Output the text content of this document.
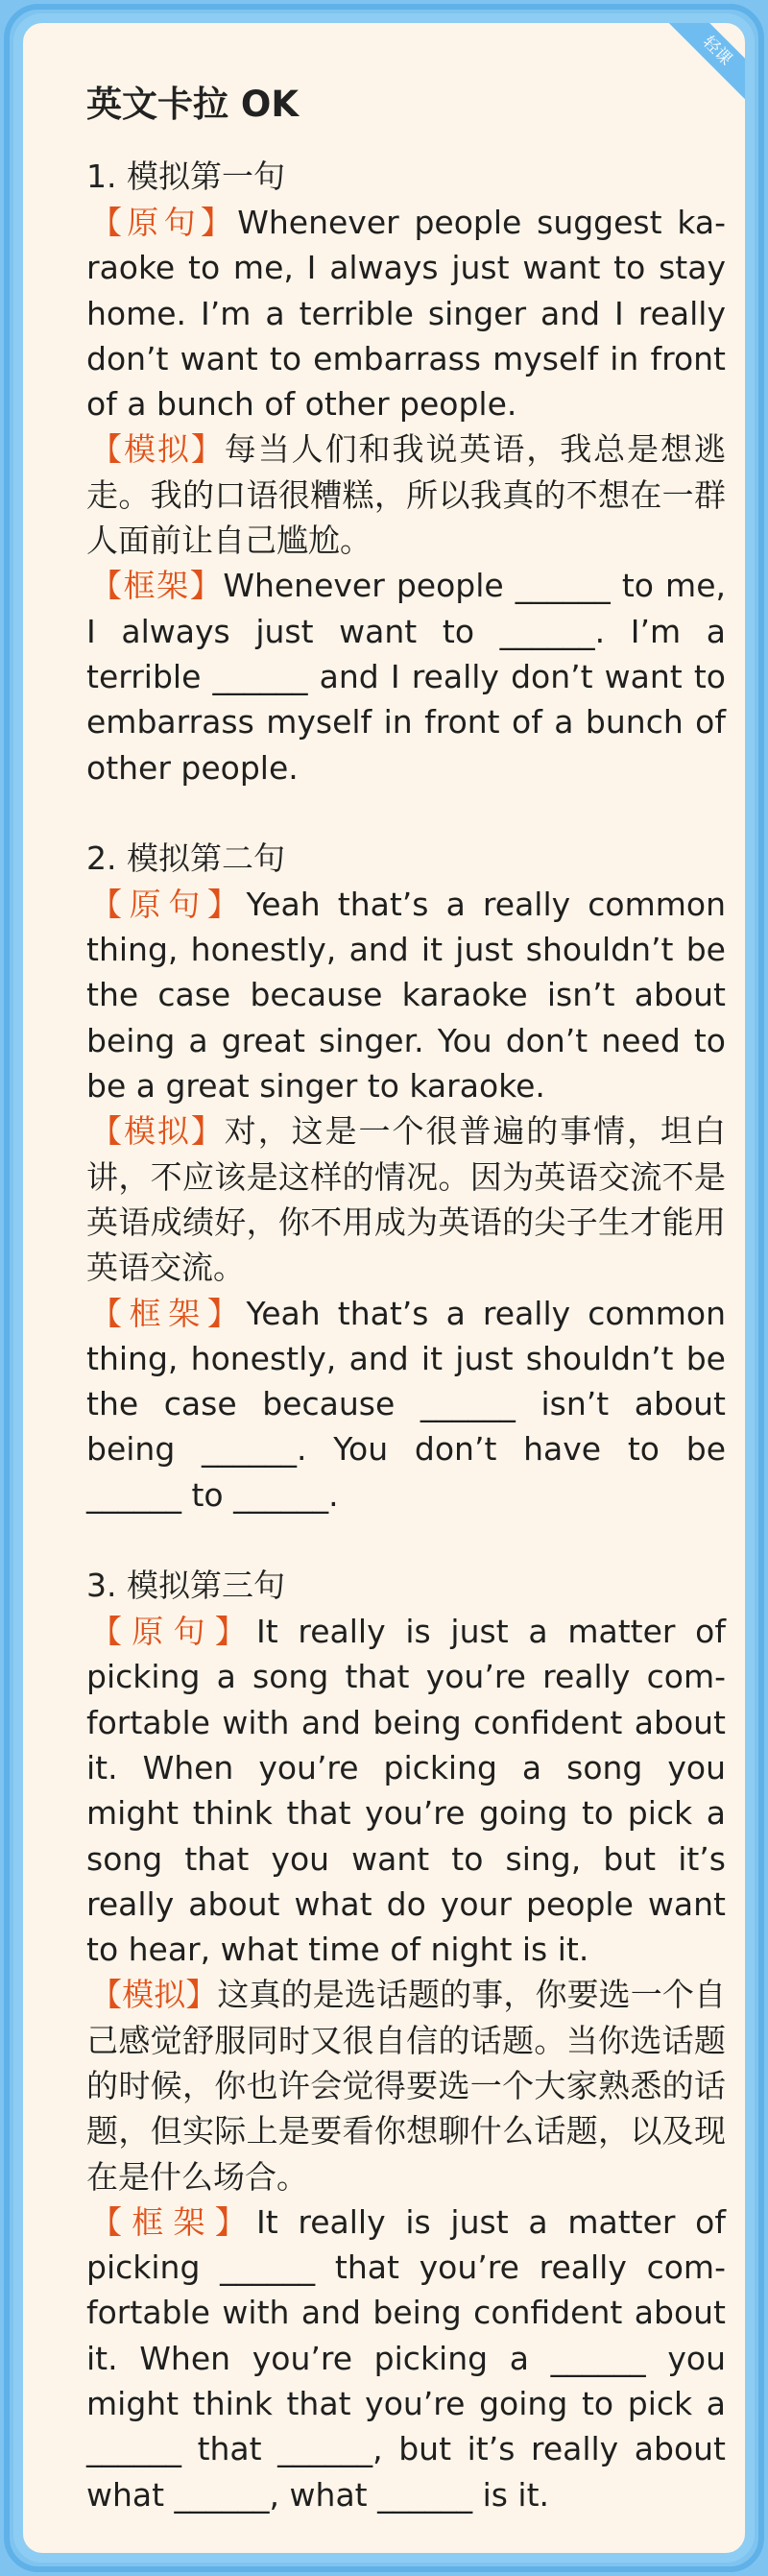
轻课
英文卡拉 OK

1. 模拟第一句

【原句】Whenever people suggest ka-raoke to me, I always just want to stay home. I’m a terrible singer and I really don’t want to embarrass myself in front of a bunch of other people.

【模拟】每当人们和我说英语，我总是想逃走。我的口语很糟糕，所以我真的不想在一群人面前让自己尴尬。

【框架】Whenever people ______ to me, I always just want to ______. I’m a terrible ______ and I really don’t want to embarrass myself in front of a bunch of other people.

2. 模拟第二句

【原句】Yeah that’s a really common thing, honestly, and it just shouldn’t be the case because karaoke isn’t about being a great singer. You don’t need to be a great singer to karaoke.

【模拟】对，这是一个很普遍的事情，坦白讲，不应该是这样的情况。因为英语交流不是英语成绩好，你不用成为英语的尖子生才能用英语交流。

【框架】Yeah that’s a really common thing, honestly, and it just shouldn’t be the case because ______ isn’t about being ______. You don’t have to be ______ to ______.

3. 模拟第三句

【原句】It really is just a matter of picking a song that you’re really com-fortable with and being confident about it. When you’re picking a song you might think that you’re going to pick a song that you want to sing, but it’s really about what do your people want to hear, what time of night is it.

【模拟】这真的是选话题的事，你要选一个自己感觉舒服同时又很自信的话题。当你选话题的时候，你也许会觉得要选一个大家熟悉的话题，但实际上是要看你想聊什么话题，以及现在是什么场合。

【框架】It really is just a matter of picking ______ that you’re really com-fortable with and being confident about it. When you’re picking a ______ you might think that you’re going to pick a ______ that ______, but it’s really about what ______, what ______ is it.
